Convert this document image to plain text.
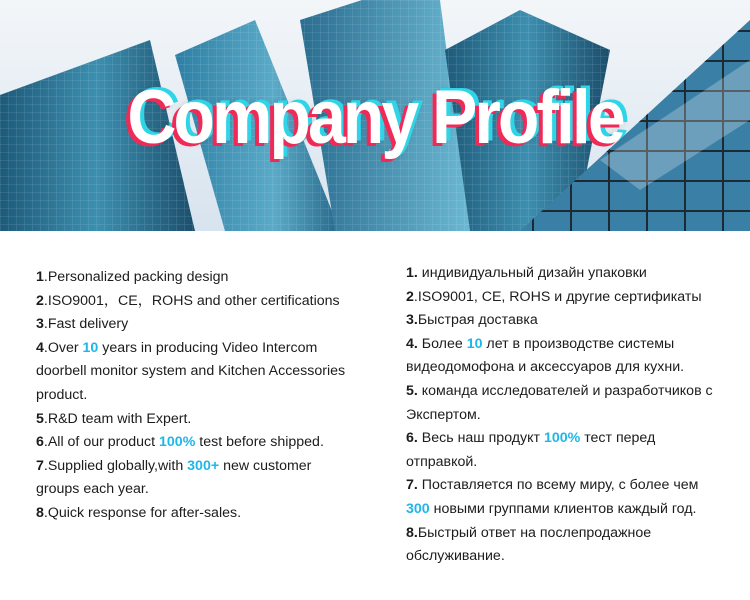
Company Profile

1.Personalized packing design

2.ISO9001，CE，ROHS and other certifications

3.Fast delivery

4.Over 10 years in producing Video Intercom
doorbell monitor system and Kitchen Accessories
product.

5.R&D team with Expert.

6.All of our product 100% test before shipped.

7.Supplied globally,with 300+ new customer
groups each year.

8.Quick response for after-sales.

1. индивидуальный дизайн упаковки

2.ISO9001, CE, ROHS и другие сертификаты

3.Быстрая доставка

4. Более 10 лет в производстве системы
видеодомофона и аксессуаров для кухни.

5. команда исследователей и разработчиков с
Экспертом.

6. Весь наш продукт 100% тест перед
отправкой.

7. Поставляется по всему миру, с более чем
300 новыми группами клиентов каждый год.

8.Быстрый ответ на послепродажное
обслуживание.
